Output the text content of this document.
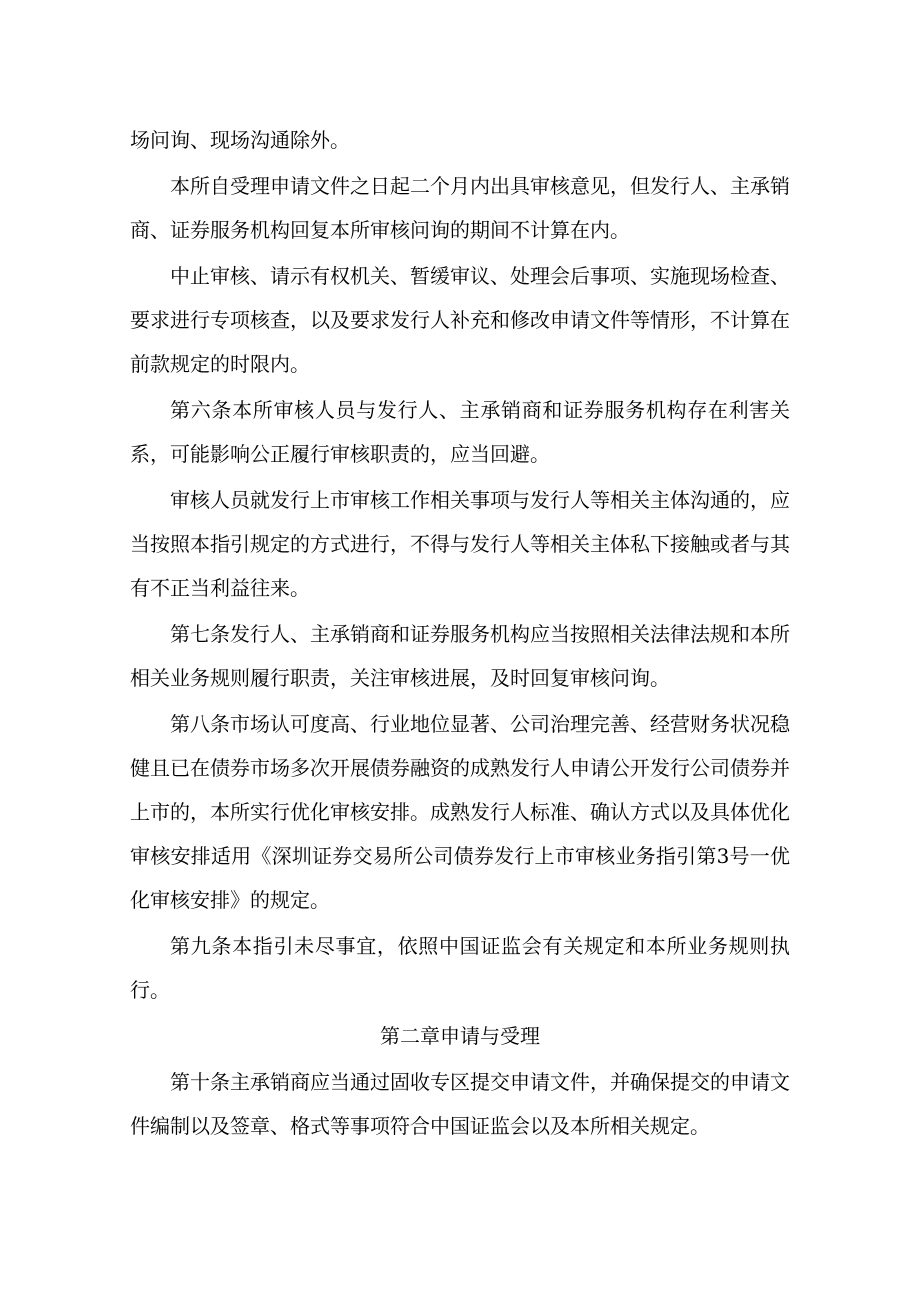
场问询、现场沟通除外。

本所自受理申请文件之日起二个月内出具审核意见，但发行人、主承销商、证券服务机构回复本所审核问询的期间不计算在内。

中止审核、请示有权机关、暂缓审议、处理会后事项、实施现场检查、要求进行专项核查，以及要求发行人补充和修改申请文件等情形，不计算在前款规定的时限内。

第六条本所审核人员与发行人、主承销商和证券服务机构存在利害关系，可能影响公正履行审核职责的，应当回避。

审核人员就发行上市审核工作相关事项与发行人等相关主体沟通的，应当按照本指引规定的方式进行，不得与发行人等相关主体私下接触或者与其有不正当利益往来。

第七条发行人、主承销商和证券服务机构应当按照相关法律法规和本所相关业务规则履行职责，关注审核进展，及时回复审核问询。

第八条市场认可度高、行业地位显著、公司治理完善、经营财务状况稳健且已在债券市场多次开展债券融资的成熟发行人申请公开发行公司债券并上市的，本所实行优化审核安排。成熟发行人标准、确认方式以及具体优化审核安排适用《深圳证券交易所公司债券发行上市审核业务指引第3号一优化审核安排》的规定。

第九条本指引未尽事宜，依照中国证监会有关规定和本所业务规则执行。

第二章申请与受理

第十条主承销商应当通过固收专区提交申请文件，并确保提交的申请文件编制以及签章、格式等事项符合中国证监会以及本所相关规定。
